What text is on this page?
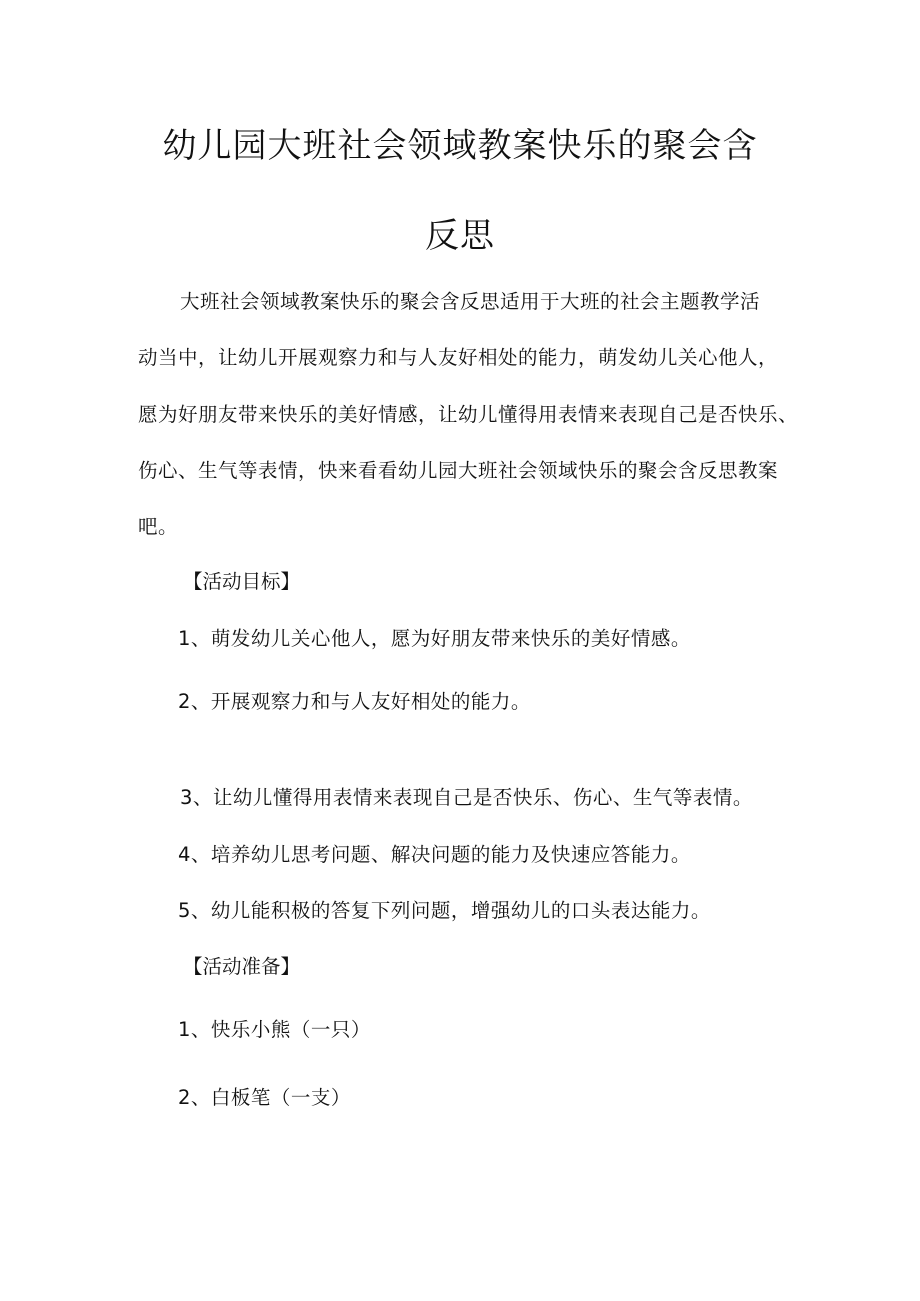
幼儿园大班社会领域教案快乐的聚会含
反思
大班社会领域教案快乐的聚会含反思适用于大班的社会主题教学活
动当中，让幼儿开展观察力和与人友好相处的能力，萌发幼儿关心他人，
愿为好朋友带来快乐的美好情感，让幼儿懂得用表情来表现自己是否快乐、
伤心、生气等表情，快来看看幼儿园大班社会领域快乐的聚会含反思教案
吧。
【活动目标】
1、萌发幼儿关心他人，愿为好朋友带来快乐的美好情感。
2、开展观察力和与人友好相处的能力。
3、让幼儿懂得用表情来表现自己是否快乐、伤心、生气等表情。
4、培养幼儿思考问题、解决问题的能力及快速应答能力。
5、幼儿能积极的答复下列问题，增强幼儿的口头表达能力。
【活动准备】
1、快乐小熊（一只）
2、白板笔（一支）
